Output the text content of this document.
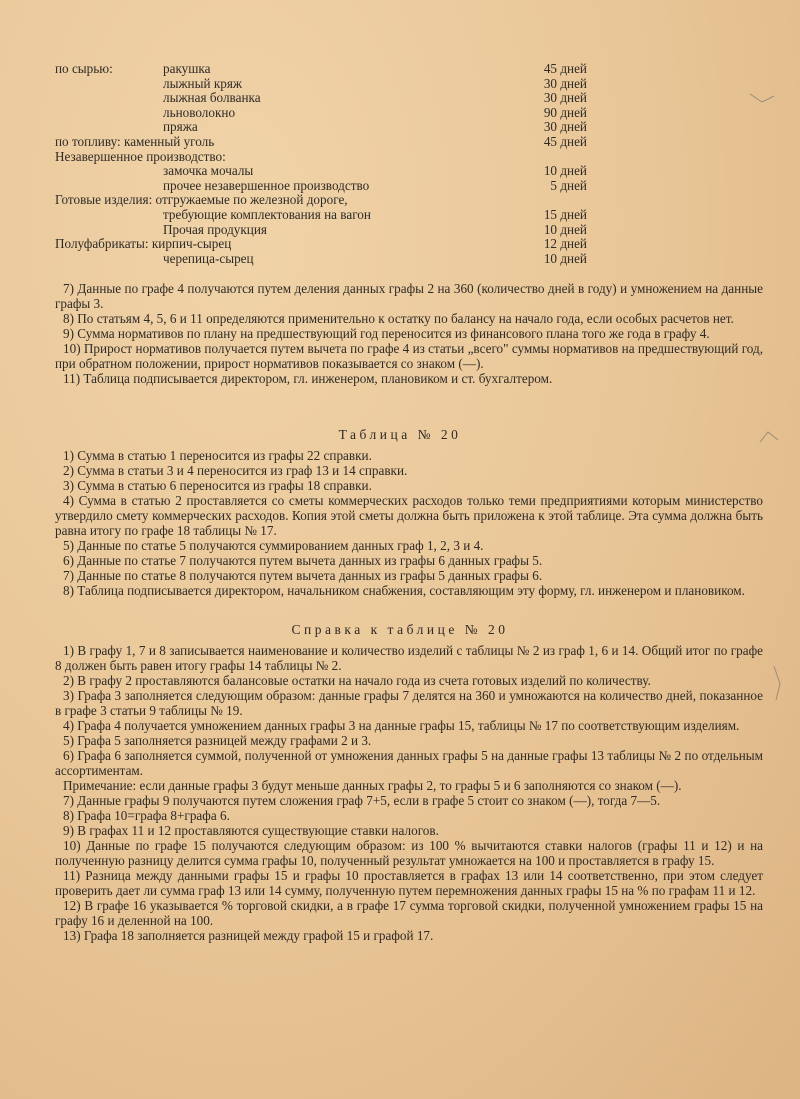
по сырью:	ракушка	45 дней
лыжный кряж	30 дней
лыжная болванка	30 дней
льноволокно	90 дней
пряжа	30 дней
по топливу: каменный уголь	45 дней
Незавершенное производство:
замочка мочалы	10 дней
прочее незавершенное производство	5 дней
Готовые изделия: отгружаемые по железной дороге,
требующие комплектования на вагон	15 дней
Прочая продукция	10 дней
Полуфабрикаты: кирпич-сырец	12 дней
черепица-сырец	10 дней

7) Данные по графе 4 получаются путем деления данных графы 2 на 360 (количество дней в году) и умножением на данные графы 3.

8) По статьям 4, 5, 6 и 11 определяются применительно к остатку по балансу на начало года, если особых расчетов нет.

9) Сумма нормативов по плану на предшествующий год переносится из финансового плана того же года в графу 4.

10) Прирост нормативов получается путем вычета по графе 4 из статьи „всего" суммы нормативов на предшествующий год, при обратном положении, прирост нормативов показывается со знаком (—).

11) Таблица подписывается директором, гл. инженером, плановиком и ст. бухгалтером.

Таблица № 20

1) Сумма в статью 1 переносится из графы 22 справки.

2) Сумма в статьи 3 и 4 переносится из граф 13 и 14 справки.

3) Сумма в статью 6 переносится из графы 18 справки.

4) Сумма в статью 2 проставляется со сметы коммерческих расходов только теми предприятиями которым министерство утвердило смету коммерческих расходов. Копия этой сметы должна быть приложена к этой таблице. Эта сумма должна быть равна итогу по графе 18 таблицы № 17.

5) Данные по статье 5 получаются суммированием данных граф 1, 2, 3 и 4.

6) Данные по статье 7 получаются путем вычета данных из графы 6 данных графы 5.

7) Данные по статье 8 получаются путем вычета данных из графы 5 данных графы 6.

8) Таблица подписывается директором, начальником снабжения, составляющим эту форму, гл. инженером и плановиком.

Справка к таблице № 20

1) В графу 1, 7 и 8 записывается наименование и количество изделий с таблицы № 2 из граф 1, 6 и 14. Общий итог по графе 8 должен быть равен итогу графы 14 таблицы № 2.

2) В графу 2 проставляются балансовые остатки на начало года из счета готовых изделий по количеству.

3) Графа 3 заполняется следующим образом: данные графы 7 делятся на 360 и умножаются на количество дней, показанное в графе 3 статьи 9 таблицы № 19.

4) Графа 4 получается умножением данных графы 3 на данные графы 15, таблицы № 17 по соответствующим изделиям.

5) Графа 5 заполняется разницей между графами 2 и 3.

6) Графа 6 заполняется суммой, полученной от умножения данных графы 5 на данные графы 13 таблицы № 2 по отдельным ассортиментам.

Примечание: если данные графы 3 будут меньше данных графы 2, то графы 5 и 6 заполняются со знаком (—).

7) Данные графы 9 получаются путем сложения граф 7+5, если в графе 5 стоит со знаком (—), тогда 7—5.

8) Графа 10=графа 8+графа 6.

9) В графах 11 и 12 проставляются существующие ставки налогов.

10) Данные по графе 15 получаются следующим образом: из 100 % вычитаются ставки налогов (графы 11 и 12) и на полученную разницу делится сумма графы 10, полученный результат умножается на 100 и проставляется в графу 15.

11) Разница между данными графы 15 и графы 10 проставляется в графах 13 или 14 соответственно, при этом следует проверить дает ли сумма граф 13 или 14 сумму, полученную путем перемножения данных графы 15 на % по графам 11 и 12.

12) В графе 16 указывается % торговой скидки, а в графе 17 сумма торговой скидки, полученной умножением графы 15 на графу 16 и деленной на 100.

13) Графа 18 заполняется разницей между графой 15 и графой 17.
